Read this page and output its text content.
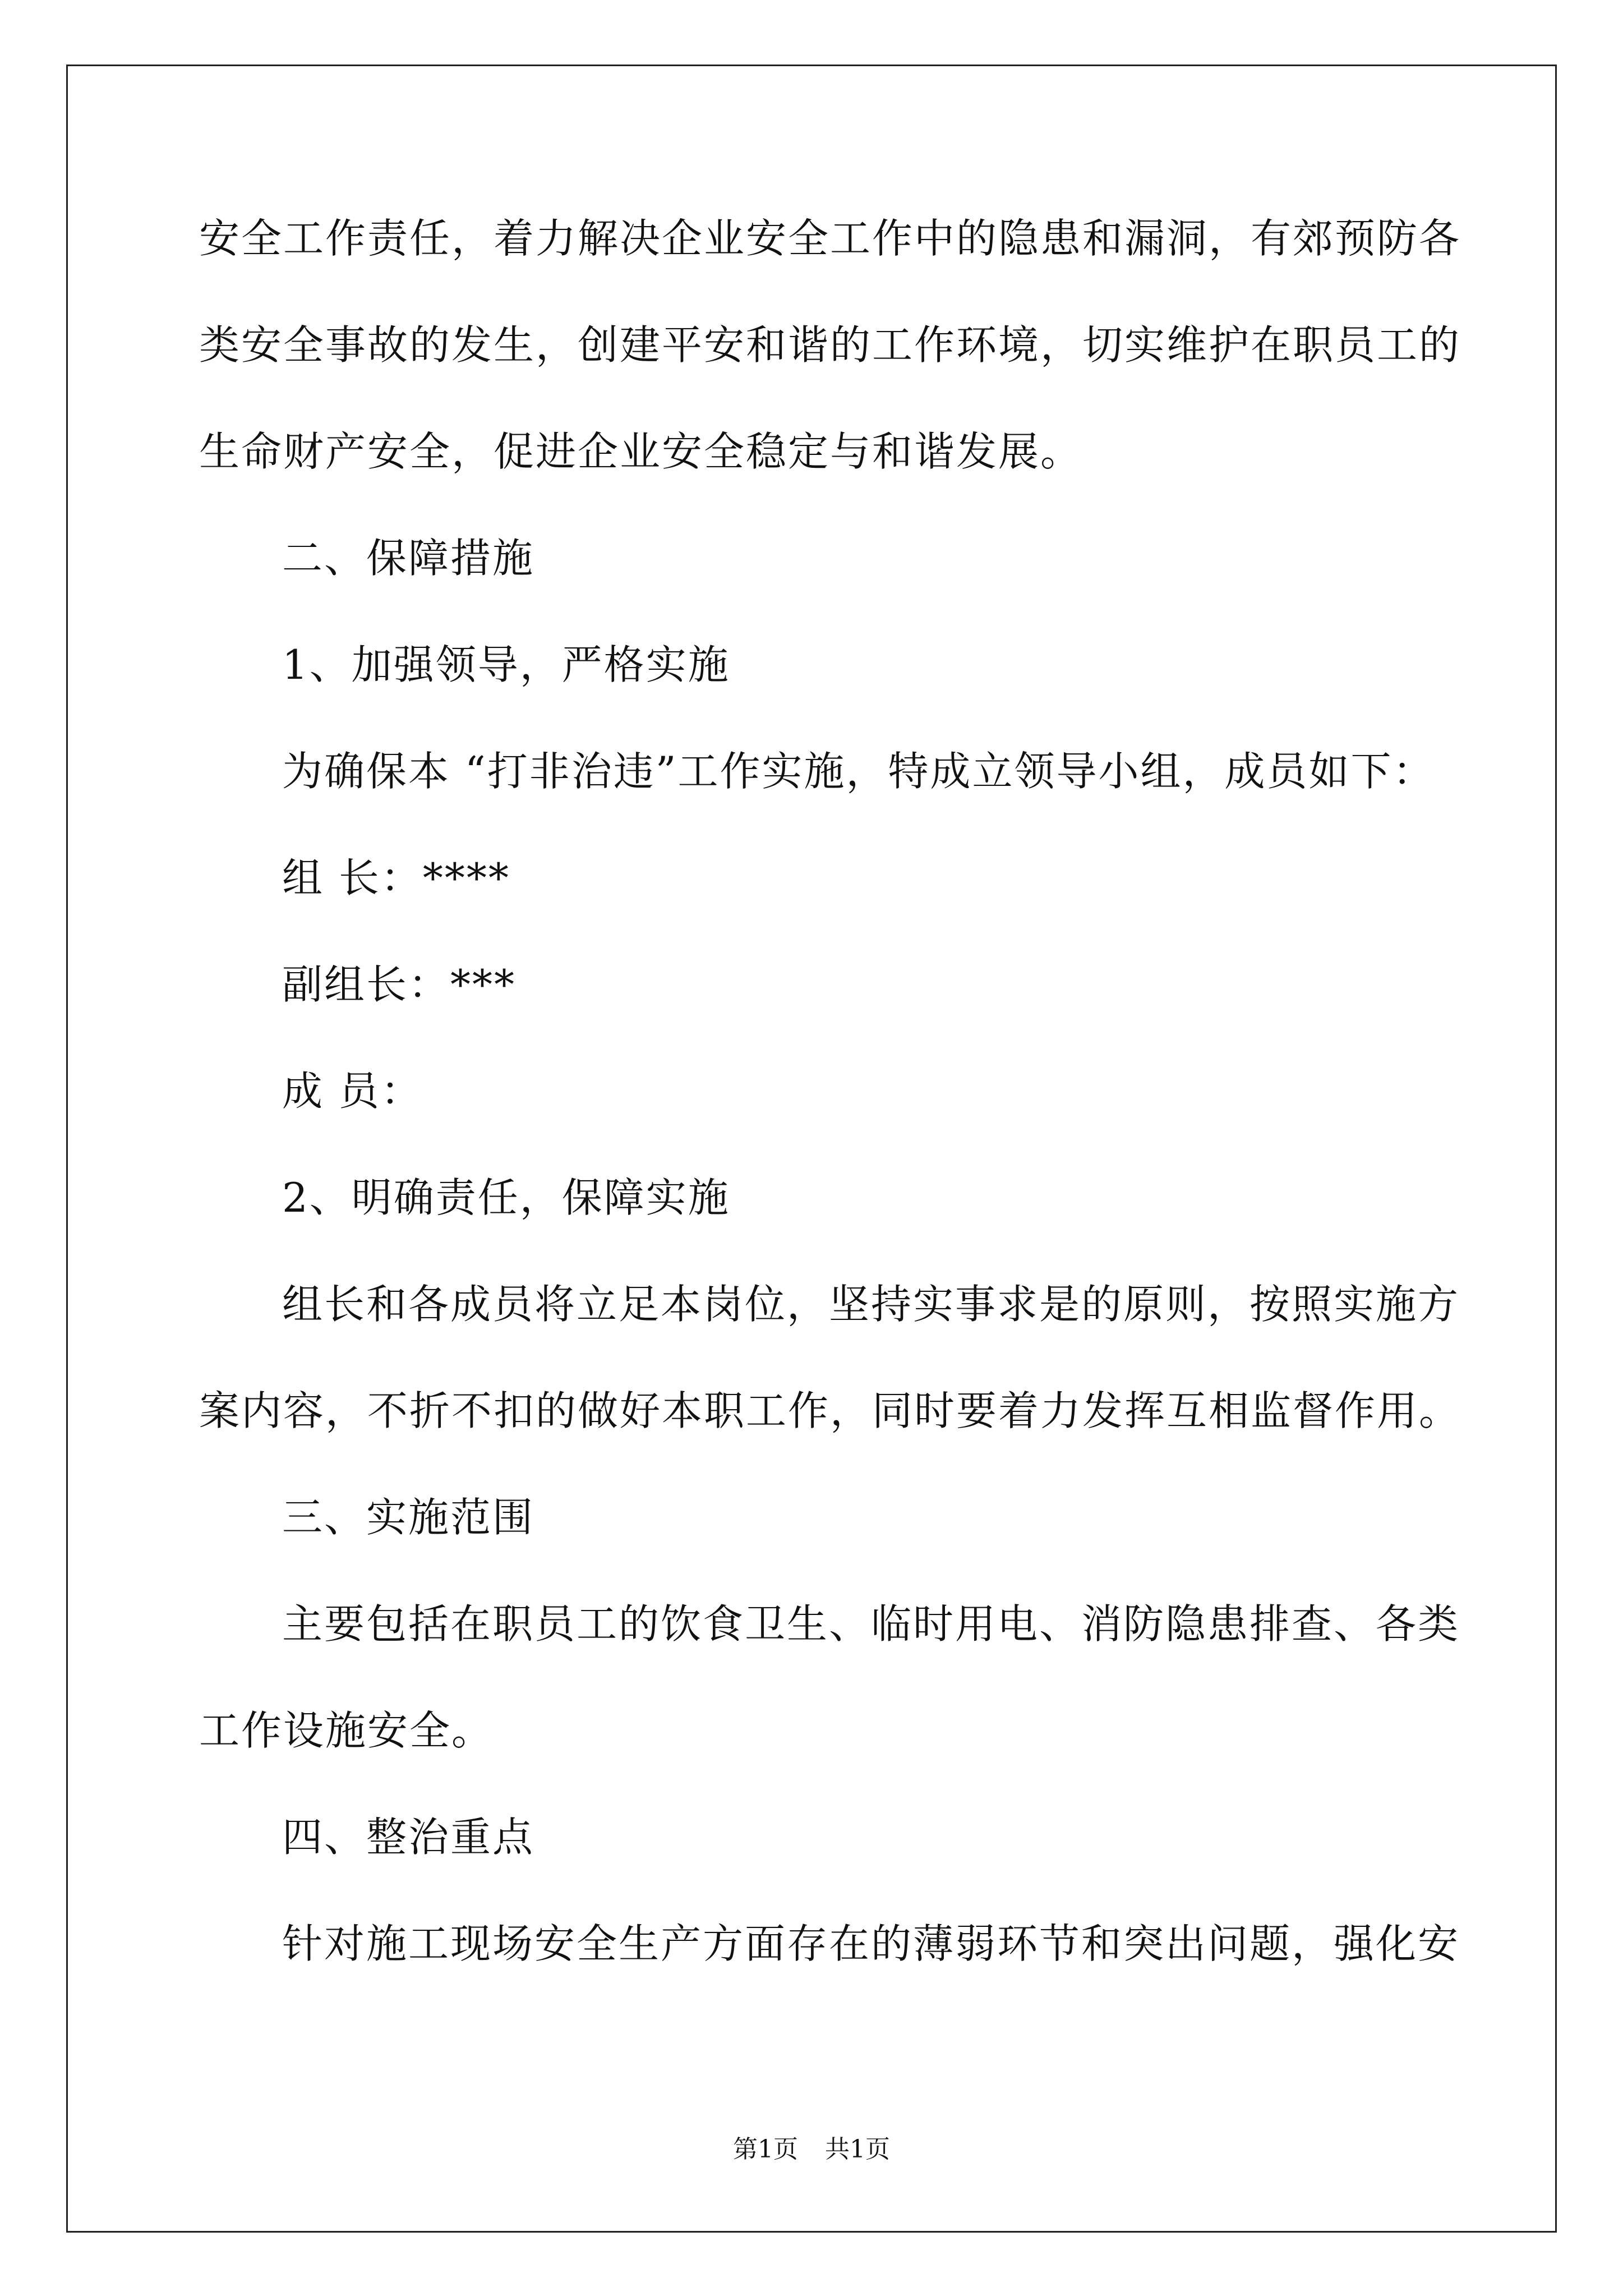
安全工作责任，着力解决企业安全工作中的隐患和漏洞，有郊预防各
类安全事故的发生，创建平安和谐的工作环境，切实维护在职员工的
生命财产安全，促进企业安全稳定与和谐发展。
二、保障措施
1、加强领导，严格实施
为确保本 “打非治违”工作实施，特成立领导小组，成员如下：
组 长：****
副组长：***
成 员：
2、明确责任，保障实施
组长和各成员将立足本岗位，坚持实事求是的原则，按照实施方
案内容，不折不扣的做好本职工作，同时要着力发挥互相监督作用。
三、实施范围
主要包括在职员工的饮食卫生、临时用电、消防隐患排查、各类
工作设施安全。
四、整治重点
针对施工现场安全生产方面存在的薄弱环节和突出问题，强化安
第1页 共1页
